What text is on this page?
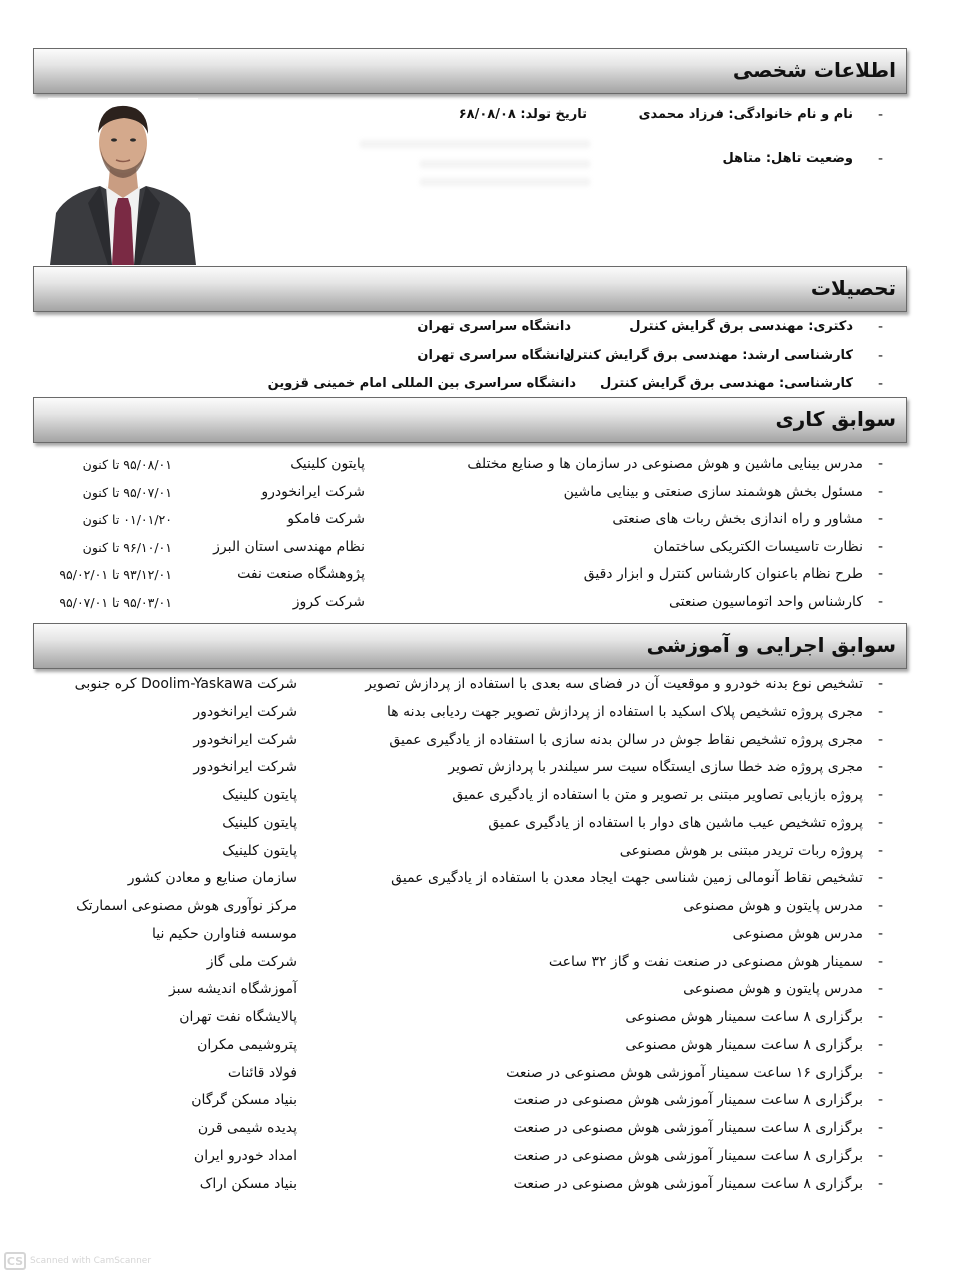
اطلاعات شخصی
-
نام و نام خانوادگی: فرزاد محمدی
تاریخ تولد: ۶۸/۰۸/۰۸
-
وضعیت تاهل: متاهل
تحصیلات
-
دکتری: مهندسی برق گرایش کنترل
دانشگاه سراسری تهران
-
کارشناسی ارشد: مهندسی برق گرایش کنترل
دانشگاه سراسری تهران
-
کارشناسی: مهندسی برق گرایش کنترل
دانشگاه سراسری بین المللی امام خمینی قزوین
سوابق کاری
-
مدرس بینایی ماشین و هوش مصنوعی در سازمان ها و صنایع مختلف
پایتون کلینیک
۹۵/۰۸/۰۱ تا کنون
-
مسئول بخش هوشمند سازی صنعتی و بینایی ماشین
شرکت ایرانخودرو
۹۵/۰۷/۰۱ تا کنون
-
مشاور و راه اندازی بخش ربات های صنعتی
شرکت فامکو
۰۱/۰۱/۲۰ تا کنون
-
نظارت تاسیسات الکتریکی ساختمان
نظام مهندسی استان البرز
۹۶/۱۰/۰۱ تا کنون
-
طرح نظام باعنوان کارشناس کنترل و ابزار دقیق
پژوهشگاه صنعت نفت
۹۳/۱۲/۰۱ تا ۹۵/۰۲/۰۱
-
کارشناس واحد اتوماسیون صنعتی
شرکت کروز
۹۵/۰۳/۰۱ تا ۹۵/۰۷/۰۱
سوابق اجرایی و آموزشی
-
تشخیص نوع بدنه خودرو و موقعیت آن در فضای سه بعدی با استفاده از پردازش تصویر
شرکت Doolim-Yaskawa کره جنوبی
-
مجری پروژه تشخیص پلاک اسکید با استفاده از پردازش تصویر جهت ردیابی بدنه ها
شرکت ایرانخودور
-
مجری پروژه تشخیص نقاط جوش در سالن بدنه سازی با استفاده از یادگیری عمیق
شرکت ایرانخودور
-
مجری پروژه ضد خطا سازی ایستگاه سیت سر سیلندر با پردازش تصویر
شرکت ایرانخودور
-
پروژه بازیابی تصاویر مبتنی بر تصویر و متن با استفاده از یادگیری عمیق
پایتون کلینیک
-
پروژه تشخیص عیب ماشین های دوار با استفاده از یادگیری عمیق
پایتون کلینیک
-
پروژه ربات تریدر مبتنی بر هوش مصنوعی
پایتون کلینیک
-
تشخیص نقاط آنومالی زمین شناسی جهت ایجاد معدن با استفاده از یادگیری عمیق
سازمان صنایع و معادن کشور
-
مدرس پایتون و هوش مصنوعی
مرکز نوآوری هوش مصنوعی اسمارتک
-
مدرس هوش مصنوعی
موسسه فناوارن حکیم نیا
-
سمینار هوش مصنوعی در صنعت نفت و گاز ۳۲ ساعت
شرکت ملی گاز
-
مدرس پایتون و هوش مصنوعی
آموزشگاه اندیشه سبز
-
برگزاری ۸ ساعت سمینار هوش مصنوعی
پالایشگاه نفت تهران
-
برگزاری ۸ ساعت سمینار هوش مصنوعی
پتروشیمی مکران
-
برگزاری ۱۶ ساعت سمینار آموزشی هوش مصنوعی در صنعت
فولاد قائنات
-
برگزاری ۸ ساعت سمینار آموزشی هوش مصنوعی در صنعت
بنیاد مسکن گرگان
-
برگزاری ۸ ساعت سمینار آموزشی هوش مصنوعی در صنعت
پدیده شیمی قرن
-
برگزاری ۸ ساعت سمینار آموزشی هوش مصنوعی در صنعت
امداد خودرو ایران
-
برگزاری ۸ ساعت سمینار آموزشی هوش مصنوعی در صنعت
بنیاد مسکن اراک
CS Scanned with CamScanner
